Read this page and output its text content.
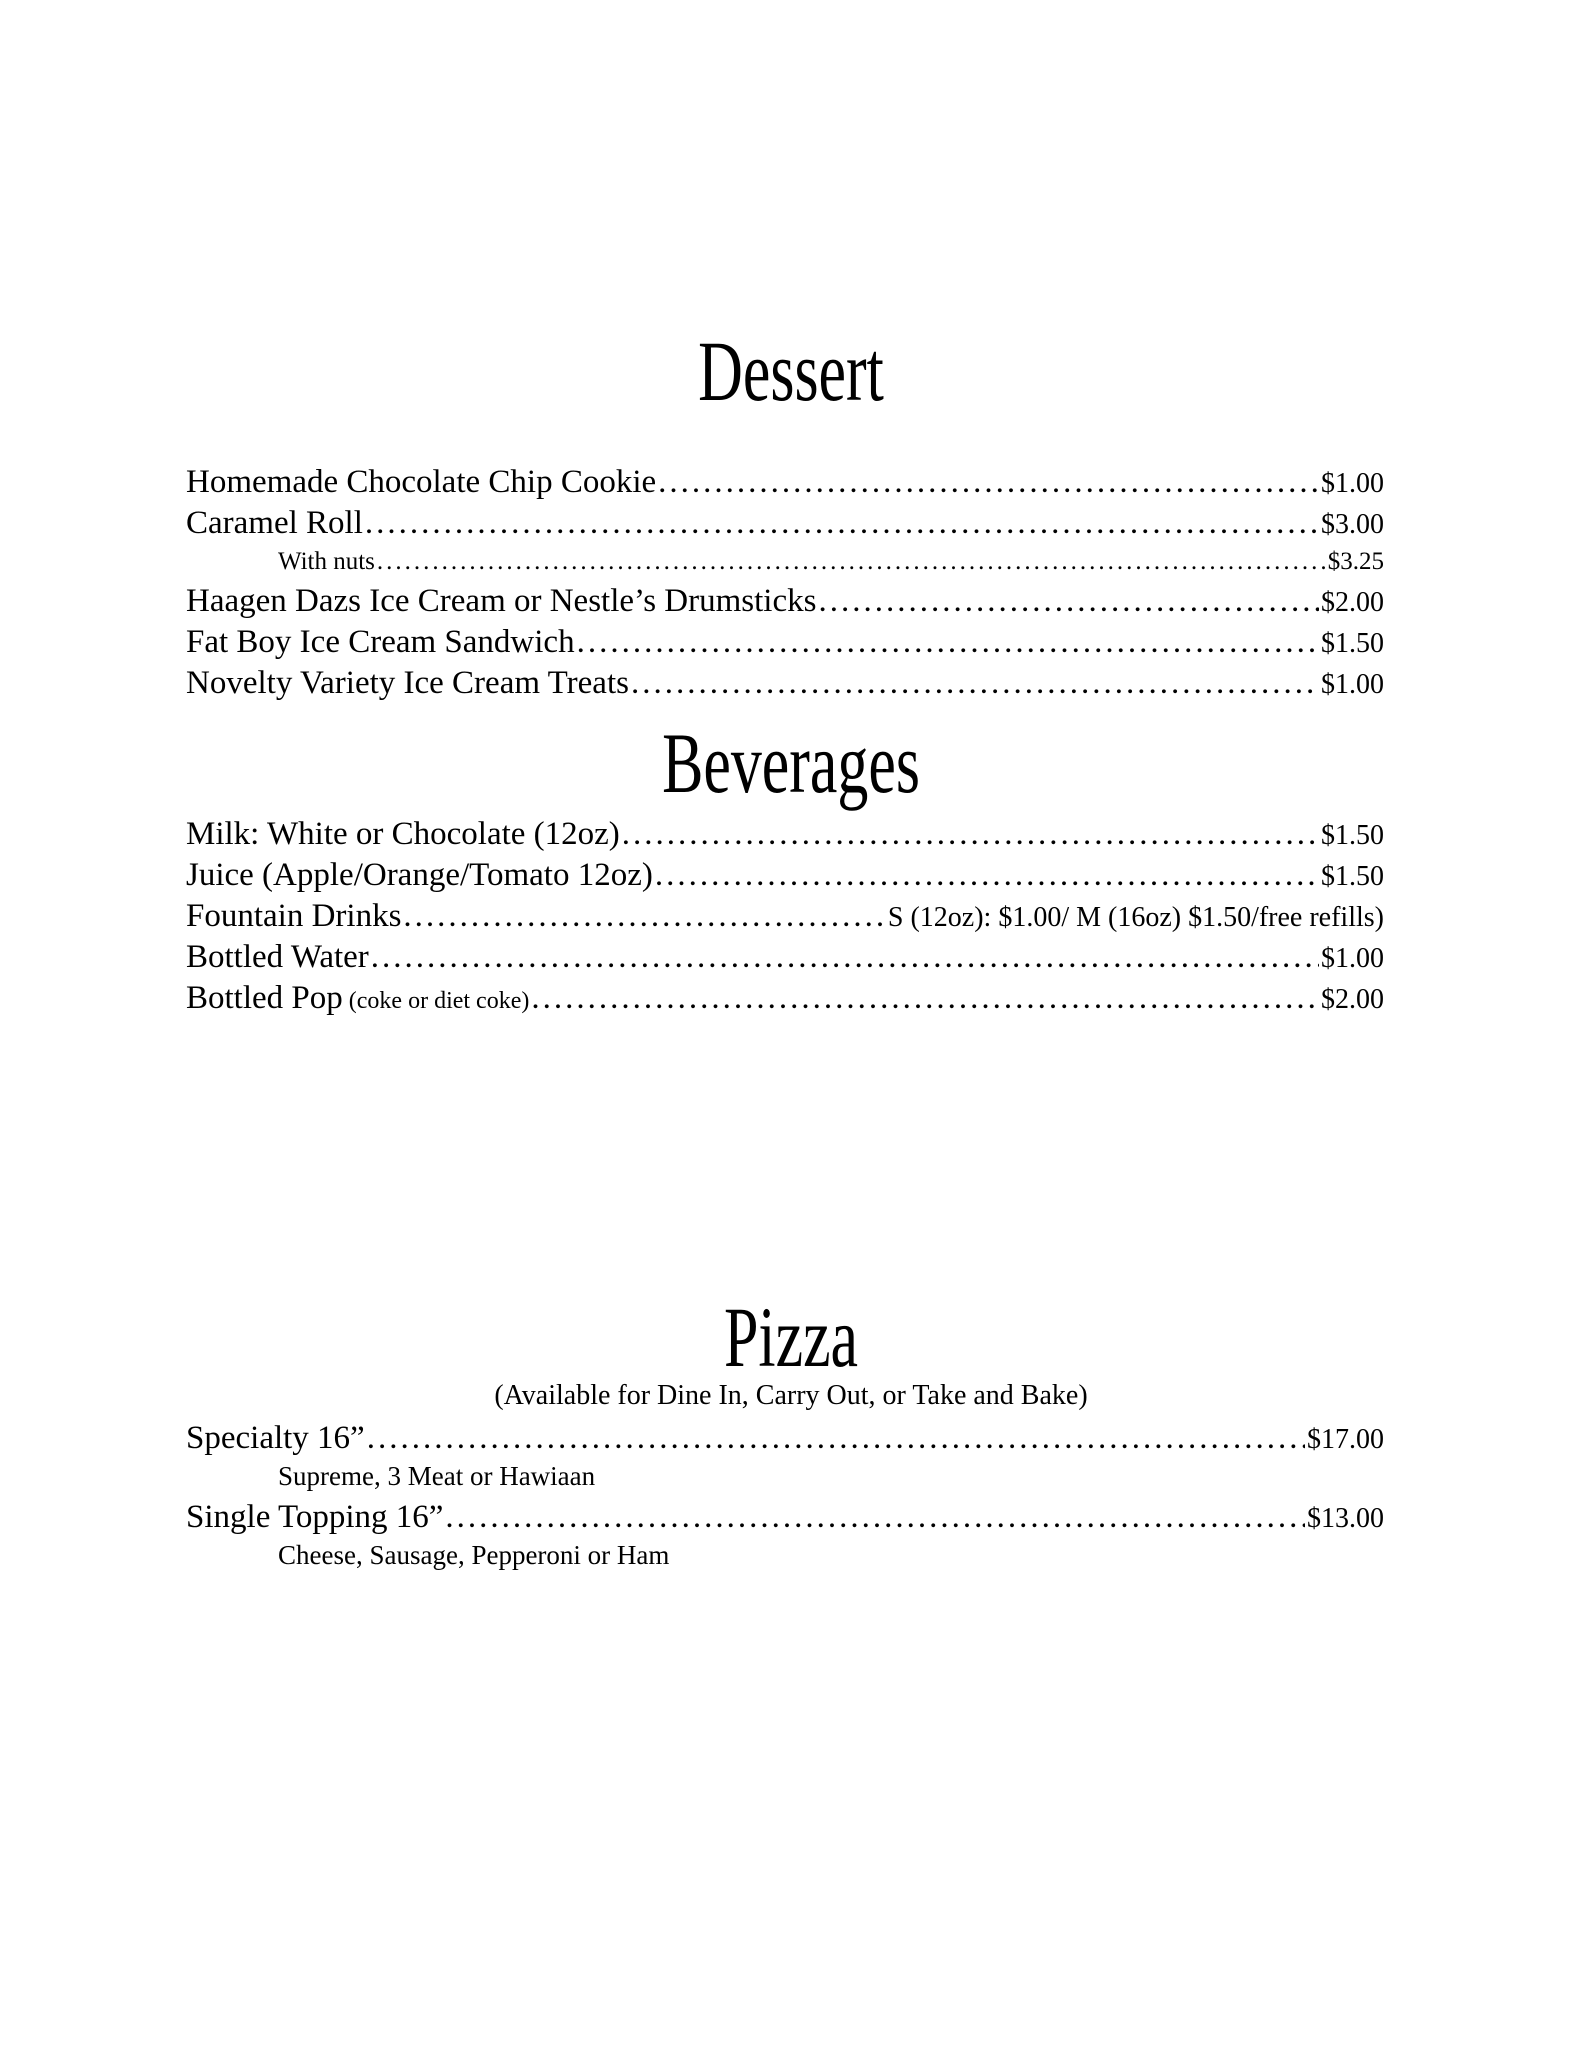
Dessert
Homemade Chocolate Chip Cookie .....	$1.00
Caramel Roll .....	$3.00
With nuts .....	$3.25
Haagen Dazs Ice Cream or Nestle’s Drumsticks .....	$2.00
Fat Boy Ice Cream Sandwich .....	$1.50
Novelty Variety Ice Cream Treats .....	$1.00
Beverages
Milk: White or Chocolate (12oz) .....	$1.50
Juice (Apple/Orange/Tomato 12oz) .....	$1.50
Fountain Drinks .....	S (12oz): $1.00/ M (16oz) $1.50/free refills)
Bottled Water .....	$1.00
Bottled Pop (coke or diet coke) .....	$2.00
Pizza
(Available for Dine In, Carry Out, or Take and Bake)
Specialty 16” .....	$17.00
Supreme, 3 Meat or Hawiaan
Single Topping 16” .....	$13.00
Cheese, Sausage, Pepperoni or Ham
